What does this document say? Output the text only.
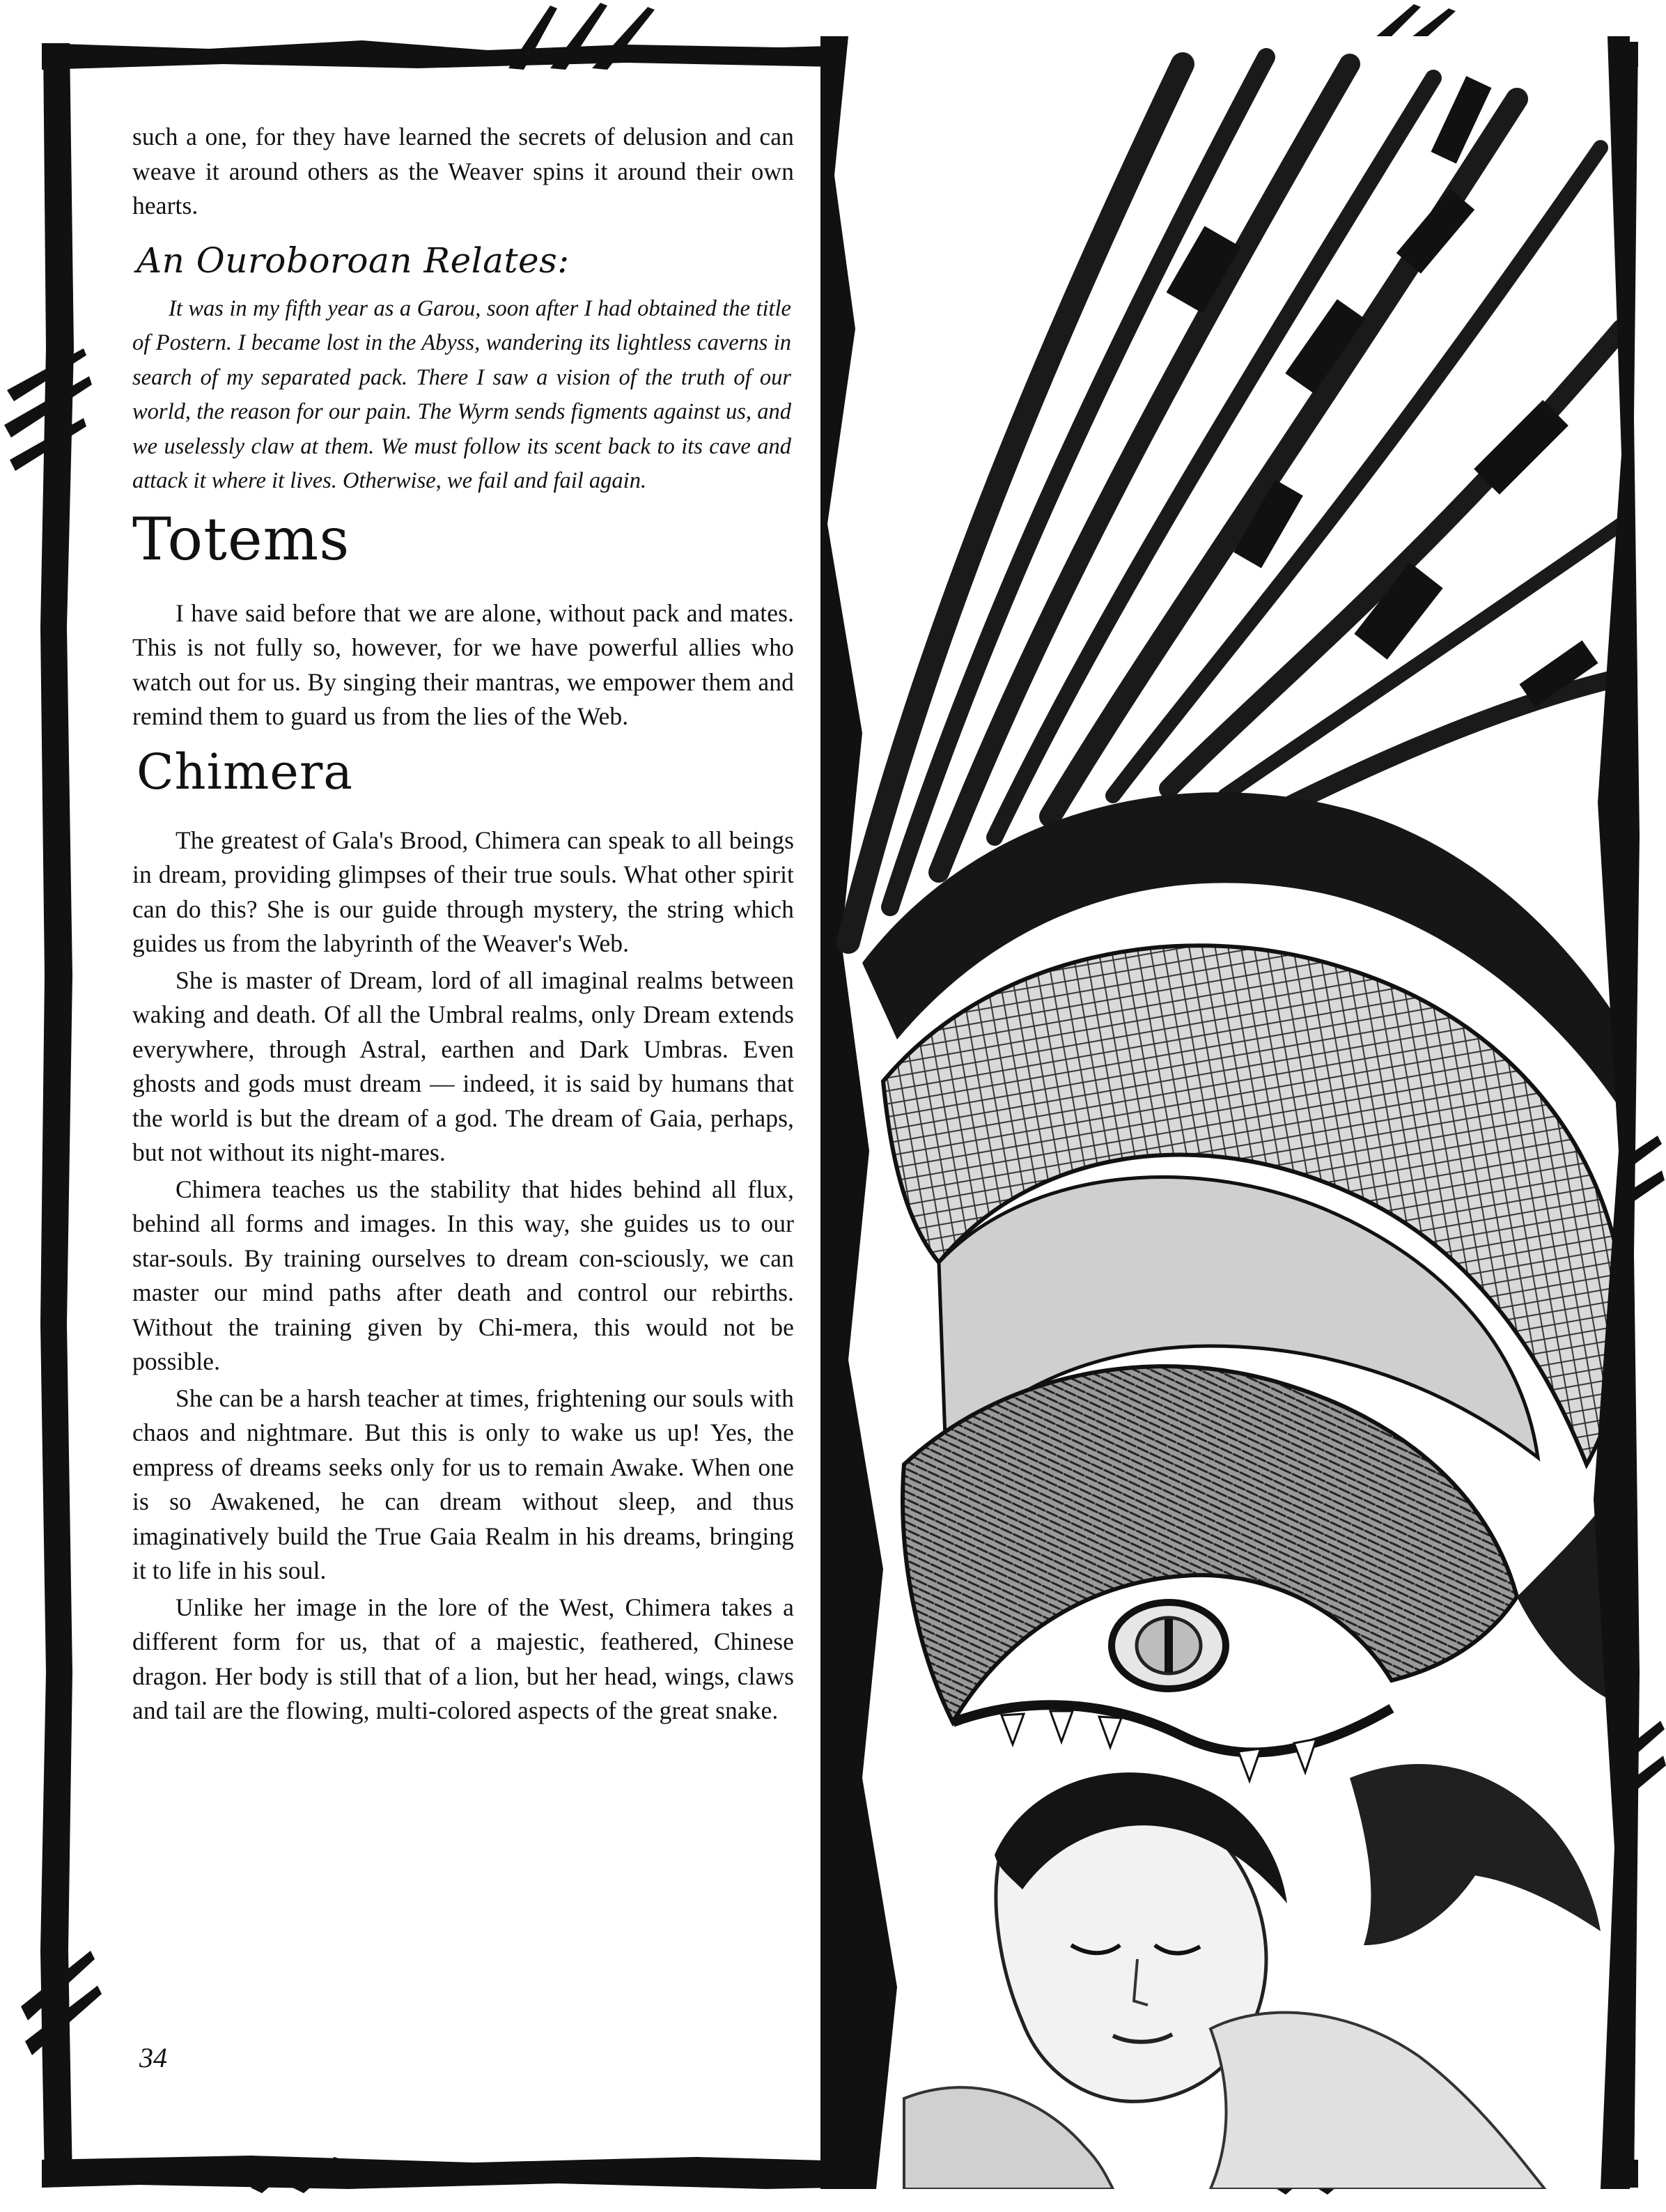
such a one, for they have learned the secrets of delusion and can weave it around others as the Weaver spins it around their own hearts.

An Ouroboroan Relates:

It was in my fifth year as a Garou, soon after I had obtained the title of Postern. I became lost in the Abyss, wandering its lightless caverns in search of my separated pack. There I saw a vision of the truth of our world, the reason for our pain. The Wyrm sends figments against us, and we uselessly claw at them. We must follow its scent back to its cave and attack it where it lives. Otherwise, we fail and fail again.

Totems

I have said before that we are alone, without pack and mates. This is not fully so, however, for we have powerful allies who watch out for us. By singing their mantras, we empower them and remind them to guard us from the lies of the Web.

Chimera

The greatest of Gala's Brood, Chimera can speak to all beings in dream, providing glimpses of their true souls. What other spirit can do this? She is our guide through mystery, the string which guides us from the labyrinth of the Weaver's Web.

She is master of Dream, lord of all imaginal realms between waking and death. Of all the Umbral realms, only Dream extends everywhere, through Astral, earthen and Dark Umbras. Even ghosts and gods must dream — indeed, it is said by humans that the world is but the dream of a god. The dream of Gaia, perhaps, but not without its night-mares.

Chimera teaches us the stability that hides behind all flux, behind all forms and images. In this way, she guides us to our star-souls. By training ourselves to dream con-sciously, we can master our mind paths after death and control our rebirths. Without the training given by Chi-mera, this would not be possible.

She can be a harsh teacher at times, frightening our souls with chaos and nightmare. But this is only to wake us up! Yes, the empress of dreams seeks only for us to remain Awake. When one is so Awakened, he can dream without sleep, and thus imaginatively build the True Gaia Realm in his dreams, bringing it to life in his soul.

Unlike her image in the lore of the West, Chimera takes a different form for us, that of a majestic, feathered, Chinese dragon. Her body is still that of a lion, but her head, wings, claws and tail are the flowing, multi-colored aspects of the great snake.

34
